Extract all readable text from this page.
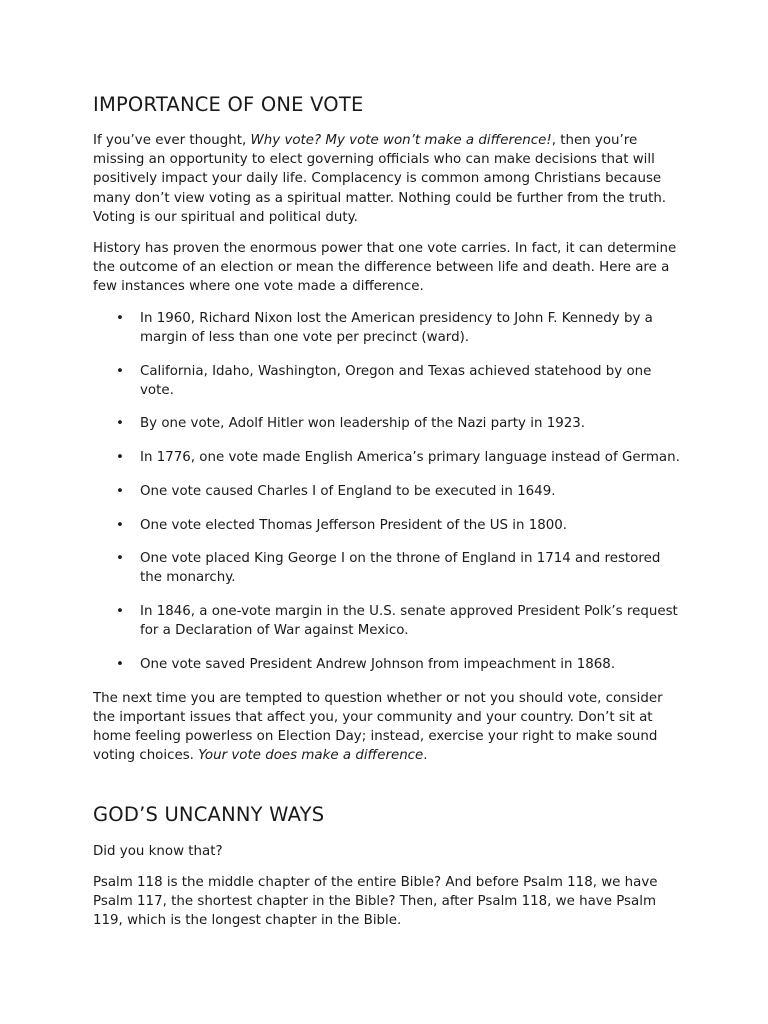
IMPORTANCE OF ONE VOTE

If you’ve ever thought, Why vote? My vote won’t make a difference!, then you’re missing an opportunity to elect governing officials who can make decisions that will positively impact your daily life. Complacency is common among Christians because many don’t view voting as a spiritual matter. Nothing could be further from the truth. Voting is our spiritual and political duty.

History has proven the enormous power that one vote carries. In fact, it can determine the outcome of an election or mean the difference between life and death. Here are a few instances where one vote made a difference.

• In 1960, Richard Nixon lost the American presidency to John F. Kennedy by a margin of less than one vote per precinct (ward).
• California, Idaho, Washington, Oregon and Texas achieved statehood by one vote.
• By one vote, Adolf Hitler won leadership of the Nazi party in 1923.
• In 1776, one vote made English America’s primary language instead of German.
• One vote caused Charles I of England to be executed in 1649.
• One vote elected Thomas Jefferson President of the US in 1800.
• One vote placed King George I on the throne of England in 1714 and restored the monarchy.
• In 1846, a one-vote margin in the U.S. senate approved President Polk’s request for a Declaration of War against Mexico.
• One vote saved President Andrew Johnson from impeachment in 1868.

The next time you are tempted to question whether or not you should vote, consider the important issues that affect you, your community and your country. Don’t sit at home feeling powerless on Election Day; instead, exercise your right to make sound voting choices. Your vote does make a difference.

GOD’S UNCANNY WAYS

Did you know that?

Psalm 118 is the middle chapter of the entire Bible? And before Psalm 118, we have Psalm 117, the shortest chapter in the Bible? Then, after Psalm 118, we have Psalm 119, which is the longest chapter in the Bible.
